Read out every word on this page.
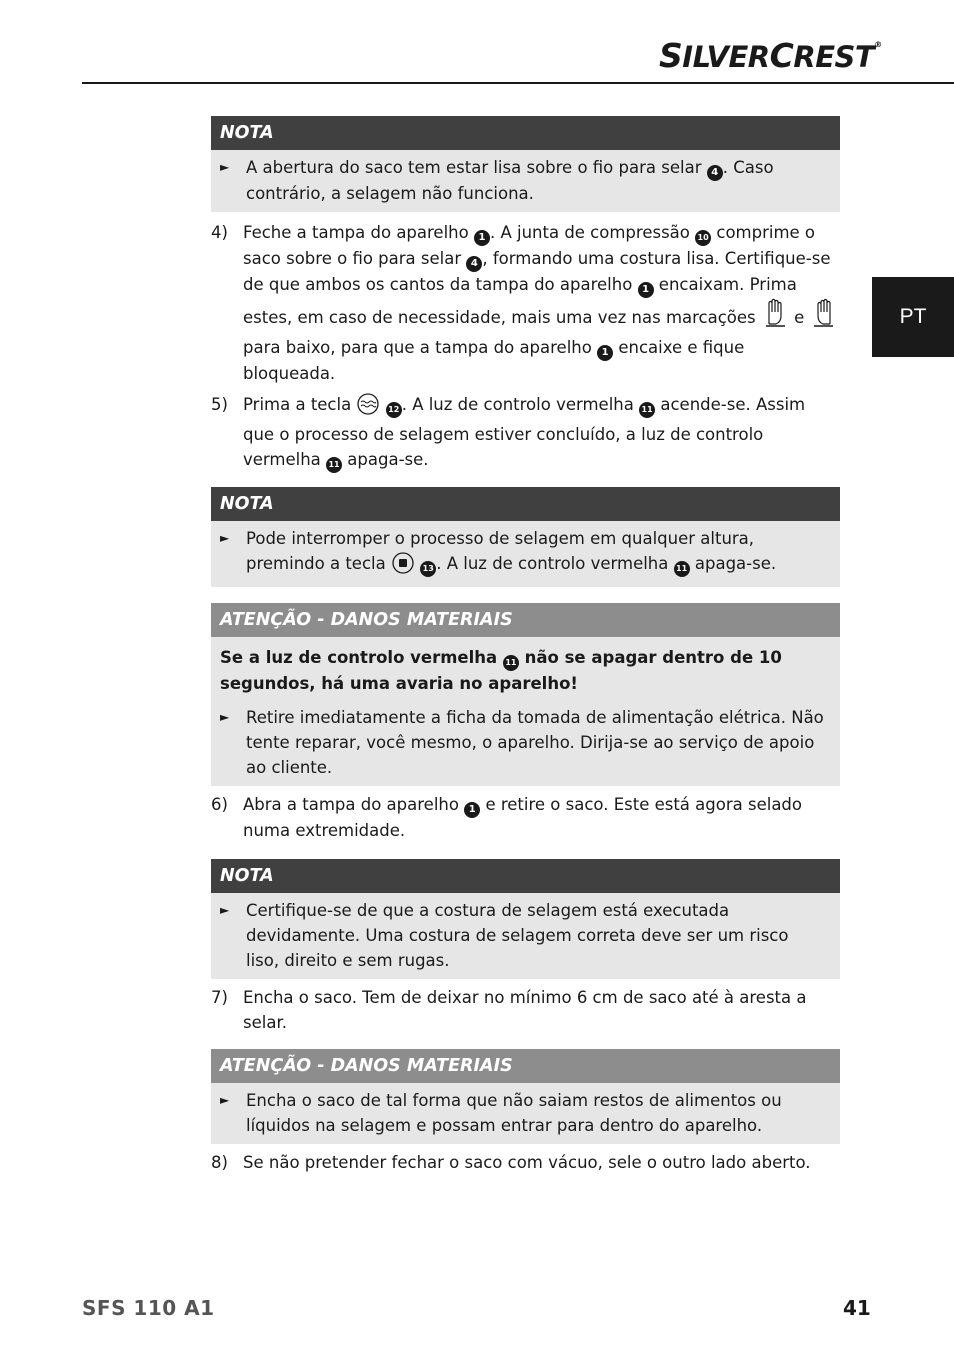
SILVERCREST®
PT
NOTA
►	A abertura do saco tem estar lisa sobre o fio para selar 4 . Caso contrário, a selagem não funciona.
4) Feche a tampa do aparelho 1 . A junta de compressão 10 comprime o saco sobre o fio para selar 4 , formando uma costura lisa. Certifique-se de que ambos os cantos da tampa do aparelho 1 encaixam. Prima estes, em caso de necessidade, mais uma vez nas marcações  e  para baixo, para que a tampa do aparelho 1 encaixe e fique bloqueada.
5) Prima a tecla	12 . A luz de controlo vermelha 11 acende-se. Assim que o processo de selagem estiver concluído, a luz de controlo vermelha 11 apaga-se.
NOTA
►	Pode interromper o processo de selagem em qualquer altura, premindo a tecla	13 . A luz de controlo vermelha 11 apaga-se.
ATENÇÃO - DANOS MATERIAIS
Se a luz de controlo vermelha 11 não se apagar dentro de 10 segundos, há uma avaria no aparelho!
►	Retire imediatamente a ficha da tomada de alimentação elétrica. Não tente reparar, você mesmo, o aparelho. Dirija-se ao serviço de apoio ao cliente.
6) Abra a tampa do aparelho 1 e retire o saco. Este está agora selado numa extremidade.
NOTA
►	Certifique-se de que a costura de selagem está executada devidamente. Uma costura de selagem correta deve ser um risco liso, direito e sem rugas.
7) Encha o saco. Tem de deixar no mínimo 6 cm de saco até à aresta a selar.
ATENÇÃO - DANOS MATERIAIS
►	Encha o saco de tal forma que não saiam restos de alimentos ou líquidos na selagem e possam entrar para dentro do aparelho.
8) Se não pretender fechar o saco com vácuo, sele o outro lado aberto.
SFS 110 A1	41
